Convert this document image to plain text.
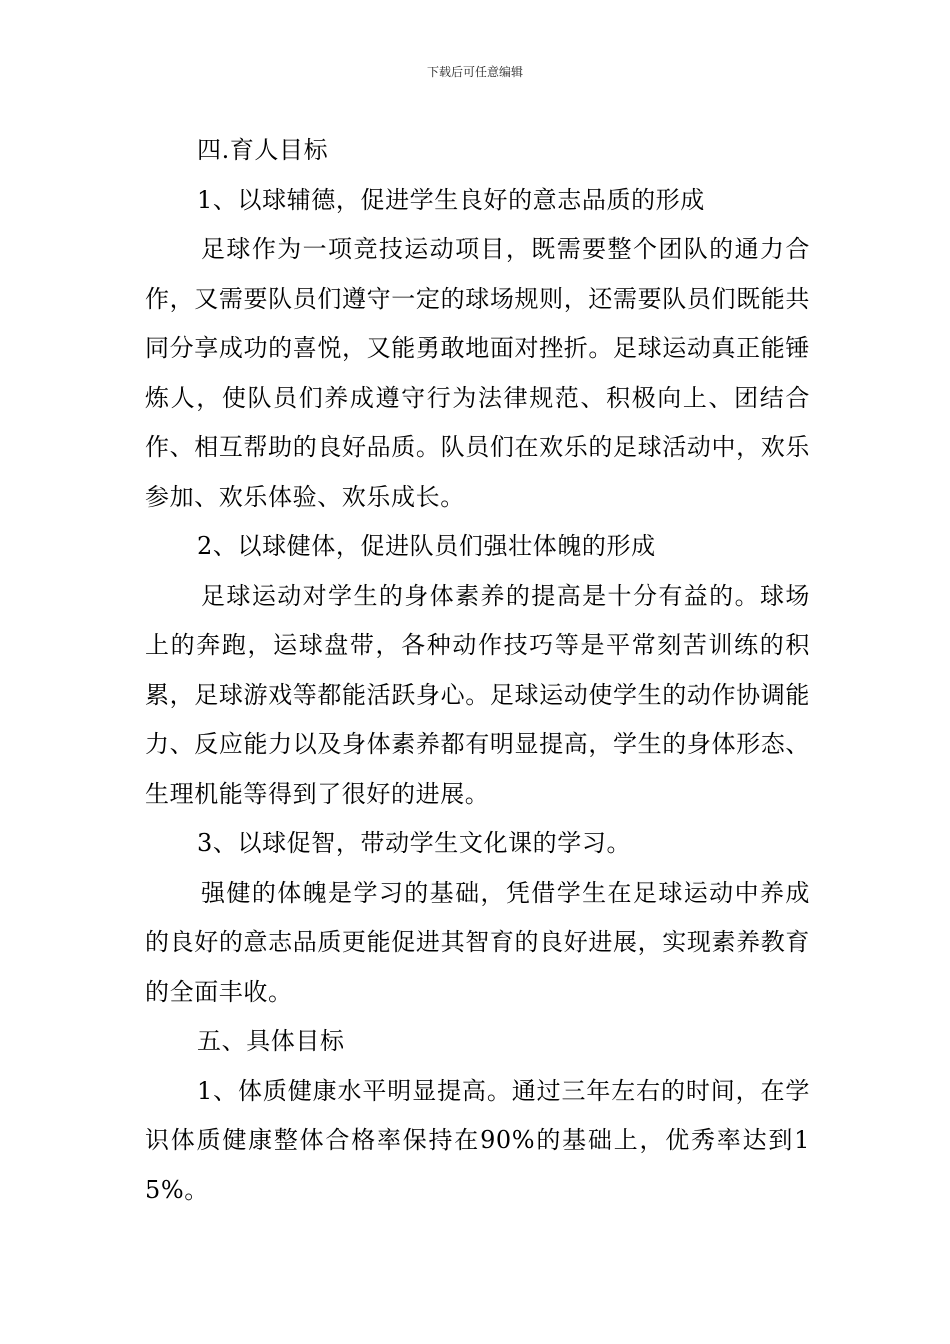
下载后可任意编辑

四.育人目标

1、以球辅德，促进学生良好的意志品质的形成

足球作为一项竞技运动项目，既需要整个团队的通力合作，又需要队员们遵守一定的球场规则，还需要队员们既能共同分享成功的喜悦，又能勇敢地面对挫折。足球运动真正能锤炼人，使队员们养成遵守行为法律规范、积极向上、团结合作、相互帮助的良好品质。队员们在欢乐的足球活动中，欢乐参加、欢乐体验、欢乐成长。

2、以球健体，促进队员们强壮体魄的形成

足球运动对学生的身体素养的提高是十分有益的。球场上的奔跑，运球盘带，各种动作技巧等是平常刻苦训练的积累，足球游戏等都能活跃身心。足球运动使学生的动作协调能力、反应能力以及身体素养都有明显提高，学生的身体形态、生理机能等得到了很好的进展。

3、以球促智，带动学生文化课的学习。

强健的体魄是学习的基础，凭借学生在足球运动中养成的良好的意志品质更能促进其智育的良好进展，实现素养教育的全面丰收。

五、具体目标

1、体质健康水平明显提高。通过三年左右的时间，在学识体质健康整体合格率保持在90%的基础上，优秀率达到15%。
